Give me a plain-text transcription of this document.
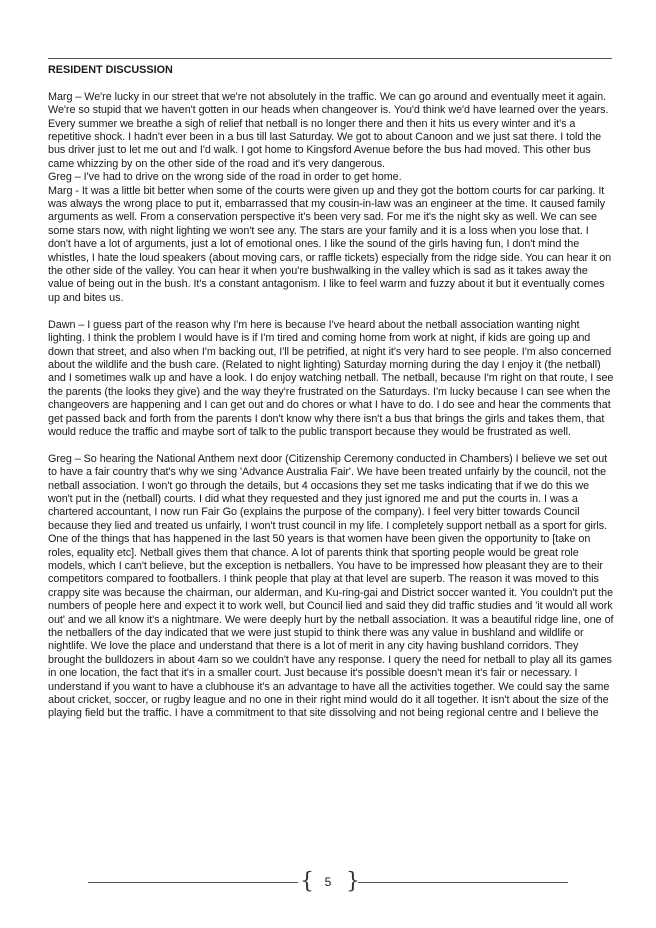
RESIDENT DISCUSSION

Marg – We're lucky in our street that we're not absolutely in the traffic. We can go around and eventually meet it again. We're so stupid that we haven't gotten in our heads when changeover is. You'd think we'd have learned over the years. Every summer we breathe a sigh of relief that netball is no longer there and then it hits us every winter and it's a repetitive shock. I hadn't ever been in a bus till last Saturday. We got to about Canoon and we just sat there. I told the bus driver just to let me out and I'd walk. I got home to Kingsford Avenue before the bus had moved. This other bus came whizzing by on the other side of the road and it's very dangerous.

Greg – I've had to drive on the wrong side of the road in order to get home.

Marg - It was a little bit better when some of the courts were given up and they got the bottom courts for car parking. It was always the wrong place to put it, embarrassed that my cousin-in-law was an engineer at the time. It caused family arguments as well. From a conservation perspective it's been very sad. For me it's the night sky as well. We can see some stars now, with night lighting we won't see any. The stars are your family and it is a loss when you lose that. I don't have a lot of arguments, just a lot of emotional ones. I like the sound of the girls having fun, I don't mind the whistles, I hate the loud speakers (about moving cars, or raffle tickets) especially from the ridge side. You can hear it on the other side of the valley. You can hear it when you're bushwalking in the valley which is sad as it takes away the value of being out in the bush. It's a constant antagonism. I like to feel warm and fuzzy about it but it eventually comes up and bites us.

Dawn – I guess part of the reason why I'm here is because I've heard about the netball association wanting night lighting. I think the problem I would have is if I'm tired and coming home from work at night, if kids are going up and down that street, and also when I'm backing out, I'll be petrified, at night it's very hard to see people. I'm also concerned about the wildlife and the bush care. (Related to night lighting) Saturday morning during the day I enjoy it (the netball) and I sometimes walk up and have a look. I do enjoy watching netball. The netball, because I'm right on that route, I see the parents (the looks they give) and the way they're frustrated on the Saturdays. I'm lucky because I can see when the changeovers are happening and I can get out and do chores or what I have to do. I do see and hear the comments that get passed back and forth from the parents I don't know why there isn't a bus that brings the girls and takes them, that would reduce the traffic and maybe sort of talk to the public transport because they would be frustrated as well.

Greg – So hearing the National Anthem next door (Citizenship Ceremony conducted in Chambers) I believe we set out to have a fair country that's why we sing 'Advance Australia Fair'. We have been treated unfairly by the council, not the netball association. I won't go through the details, but 4 occasions they set me tasks indicating that if we do this we won't put in the (netball) courts. I did what they requested and they just ignored me and put the courts in. I was a chartered accountant, I now run Fair Go (explains the purpose of the company). I feel very bitter towards Council because they lied and treated us unfairly, I won't trust council in my life. I completely support netball as a sport for girls. One of the things that has happened in the last 50 years is that women have been given the opportunity to [take on roles, equality etc]. Netball gives them that chance. A lot of parents think that sporting people would be great role models, which I can't believe, but the exception is netballers. You have to be impressed how pleasant they are to their competitors compared to footballers. I think people that play at that level are superb. The reason it was moved to this crappy site was because the chairman, our alderman, and Ku-ring-gai and District soccer wanted it. You couldn't put the numbers of people here and expect it to work well, but Council lied and said they did traffic studies and 'it would all work out' and we all know it's a nightmare. We were deeply hurt by the netball association. It was a beautiful ridge line, one of the netballers of the day indicated that we were just stupid to think there was any value in bushland and wildlife or nightlife. We love the place and understand that there is a lot of merit in any city having bushland corridors. They brought the bulldozers in about 4am so we couldn't have any response. I query the need for netball to play all its games in one location, the fact that it's in a smaller court. Just because it's possible doesn't mean it's fair or necessary. I understand if you want to have a clubhouse it's an advantage to have all the activities together. We could say the same about cricket, soccer, or rugby league and no one in their right mind would do it all together. It isn't about the size of the playing field but the traffic. I have a commitment to that site dissolving and not being regional centre and I believe the

{ 5 }
